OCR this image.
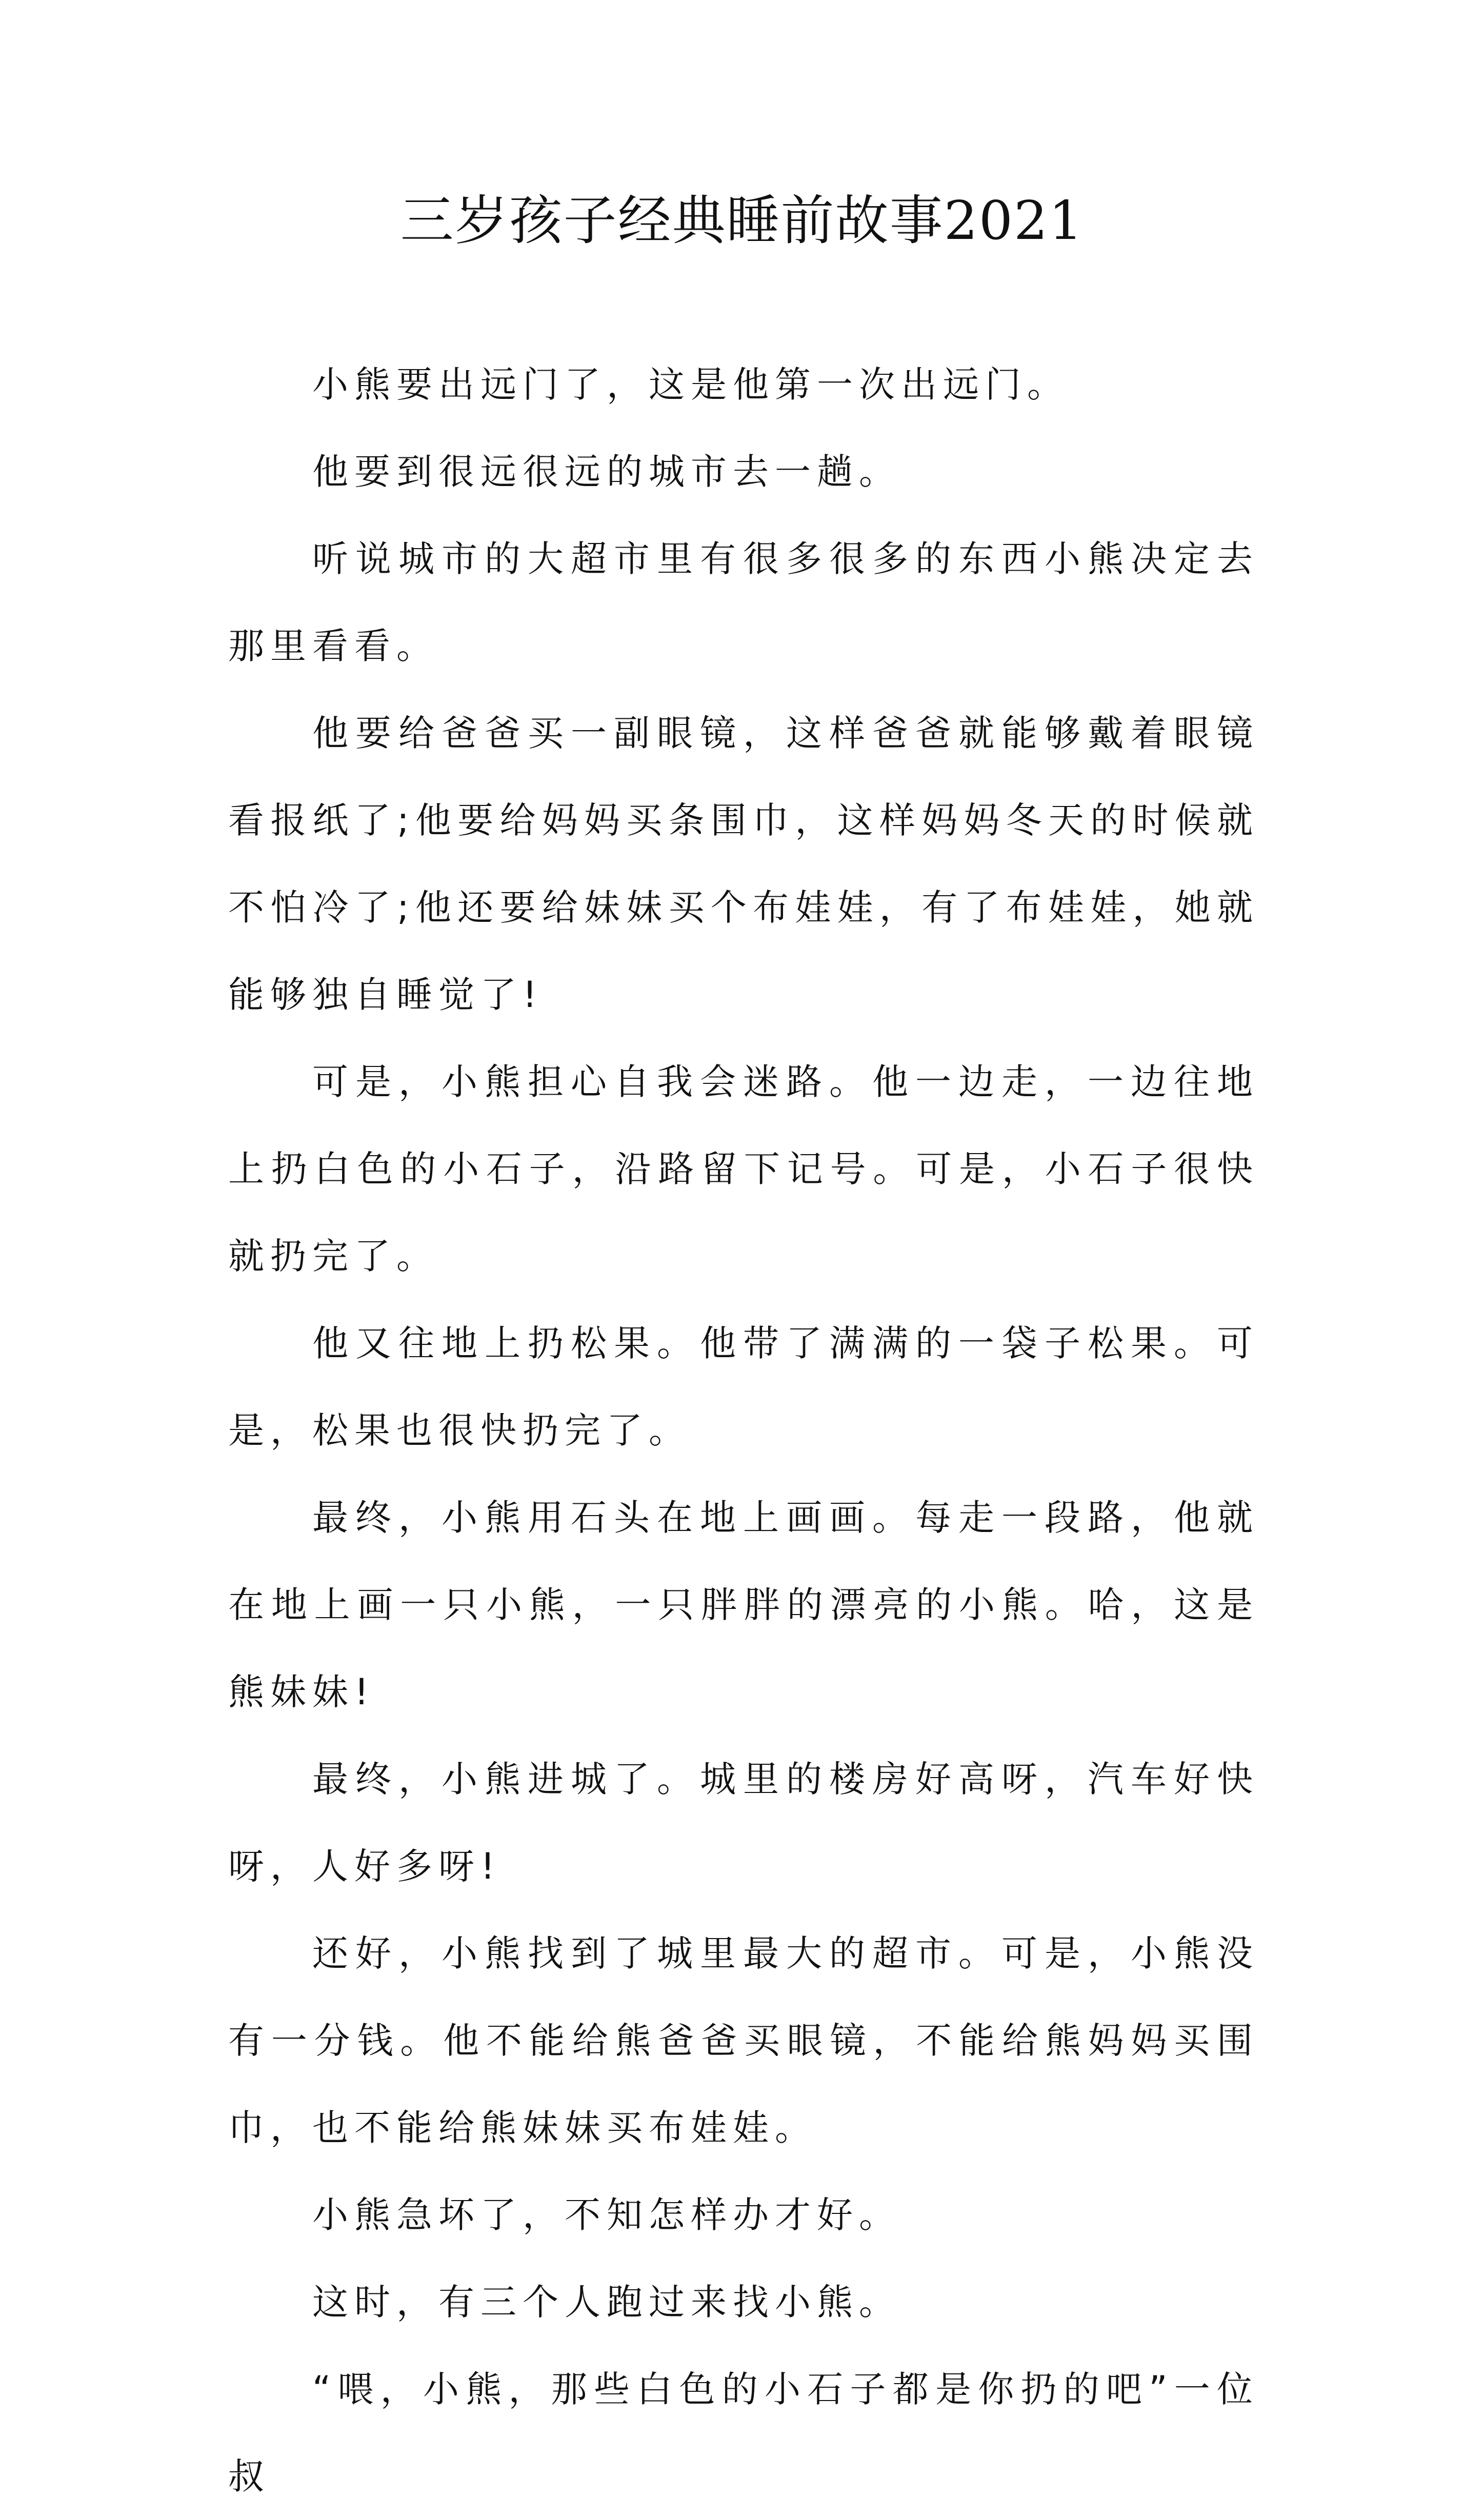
三岁孩子经典睡前故事2021

小熊要出远门了，这是他第一次出远门。

他要到很远很远的城市去一趟。

听说城市的大超市里有很多很多的东西小熊决定去那里看看。

他要给爸爸买一副眼镜，这样爸爸就能够戴着眼镜看报纸了;他要给妈妈买条围巾，这样妈妈冬天的时候就不怕冷了;他还要给妹妹买个布娃娃，有了布娃娃，她就能够独自睡觉了!

可是，小熊担心自我会迷路。他一边走，一边往地上扔白色的小石子，沿路留下记号。可是，小石子很快就扔完了。

他又往地上扔松果。他带了满满的一袋子松果。可是，松果也很快扔完了。

最终，小熊用石头在地上画画。每走一段路，他就在地上画一只小熊，一只胖胖的漂亮的小熊。哈，这是熊妹妹!

最终，小熊进城了。城里的楼房好高呀，汽车好快呀，人好多呀!

还好，小熊找到了城里最大的超市。可是，小熊没有一分钱。他不能给熊爸爸买眼镜，不能给熊妈妈买围巾，也不能给熊妹妹买布娃娃。

小熊急坏了，不知怎样办才好。

这时，有三个人跑过来找小熊。

“喂，小熊，那些白色的小石子都是你扔的吧”一位叔
